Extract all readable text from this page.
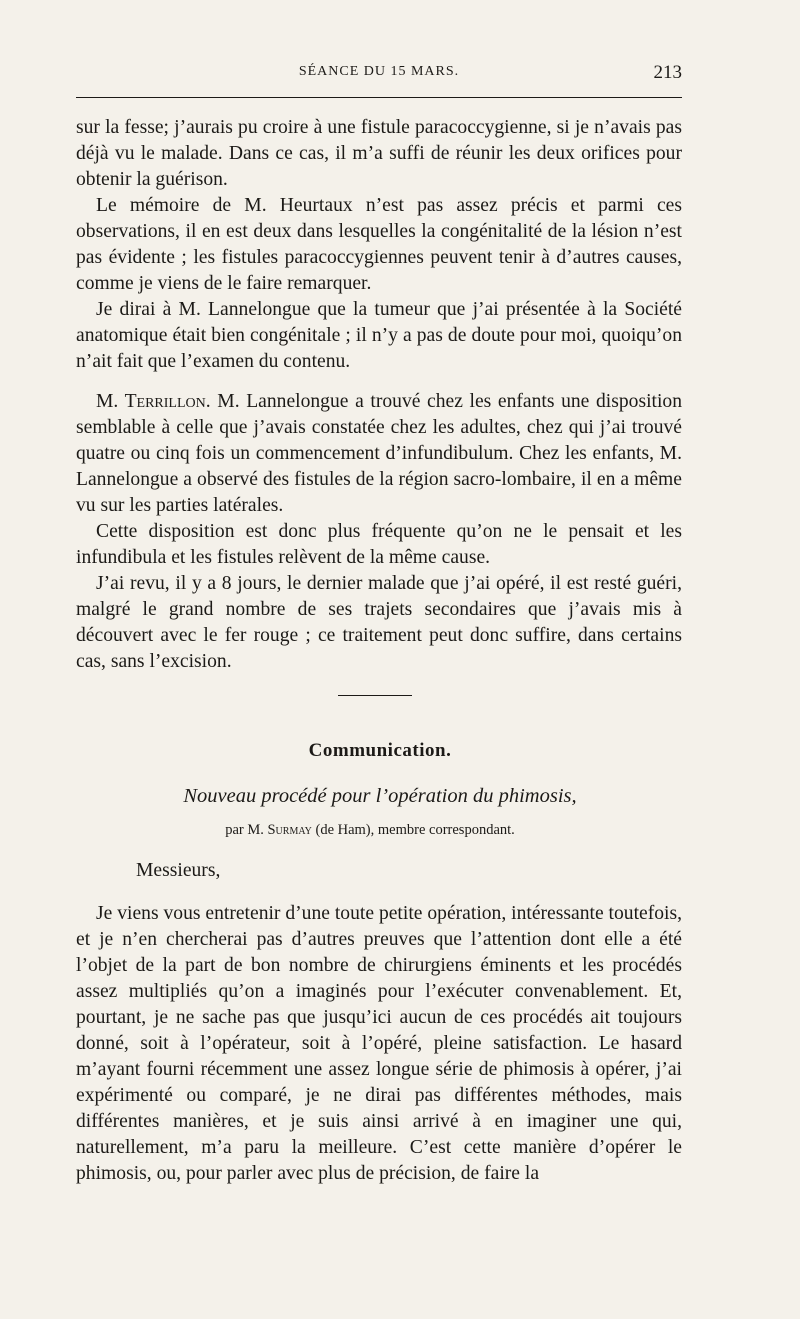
SÉANCE DU 15 MARS.	213

sur la fesse; j’aurais pu croire à une fistule paracoccygienne, si je n’avais pas déjà vu le malade. Dans ce cas, il m’a suffi de réunir les deux orifices pour obtenir la guérison.

Le mémoire de M. Heurtaux n’est pas assez précis et parmi ces observations, il en est deux dans lesquelles la congénitalité de la lésion n’est pas évidente ; les fistules paracoccygiennes peuvent tenir à d’autres causes, comme je viens de le faire remarquer.

Je dirai à M. Lannelongue que la tumeur que j’ai présentée à la Société anatomique était bien congénitale ; il n’y a pas de doute pour moi, quoiqu’on n’ait fait que l’examen du contenu.

M. Terrillon. M. Lannelongue a trouvé chez les enfants une disposition semblable à celle que j’avais constatée chez les adultes, chez qui j’ai trouvé quatre ou cinq fois un commencement d’infundibulum. Chez les enfants, M. Lannelongue a observé des fistules de la région sacro-lombaire, il en a même vu sur les parties latérales.

Cette disposition est donc plus fréquente qu’on ne le pensait et les infundibula et les fistules relèvent de la même cause.

J’ai revu, il y a 8 jours, le dernier malade que j’ai opéré, il est resté guéri, malgré le grand nombre de ses trajets secondaires que j’avais mis à découvert avec le fer rouge ; ce traitement peut donc suffire, dans certains cas, sans l’excision.

Communication.
Nouveau procédé pour l’opération du phimosis,
par M. Surmay (de Ham), membre correspondant.
Messieurs,

Je viens vous entretenir d’une toute petite opération, intéressante toutefois, et je n’en chercherai pas d’autres preuves que l’attention dont elle a été l’objet de la part de bon nombre de chirurgiens éminents et les procédés assez multipliés qu’on a imaginés pour l’exécuter convenablement. Et, pourtant, je ne sache pas que jusqu’ici aucun de ces procédés ait toujours donné, soit à l’opérateur, soit à l’opéré, pleine satisfaction. Le hasard m’ayant fourni récemment une assez longue série de phimosis à opérer, j’ai expérimenté ou comparé, je ne dirai pas différentes méthodes, mais différentes manières, et je suis ainsi arrivé à en imaginer une qui, naturellement, m’a paru la meilleure. C’est cette manière d’opérer le phimosis, ou, pour parler avec plus de précision, de faire la
